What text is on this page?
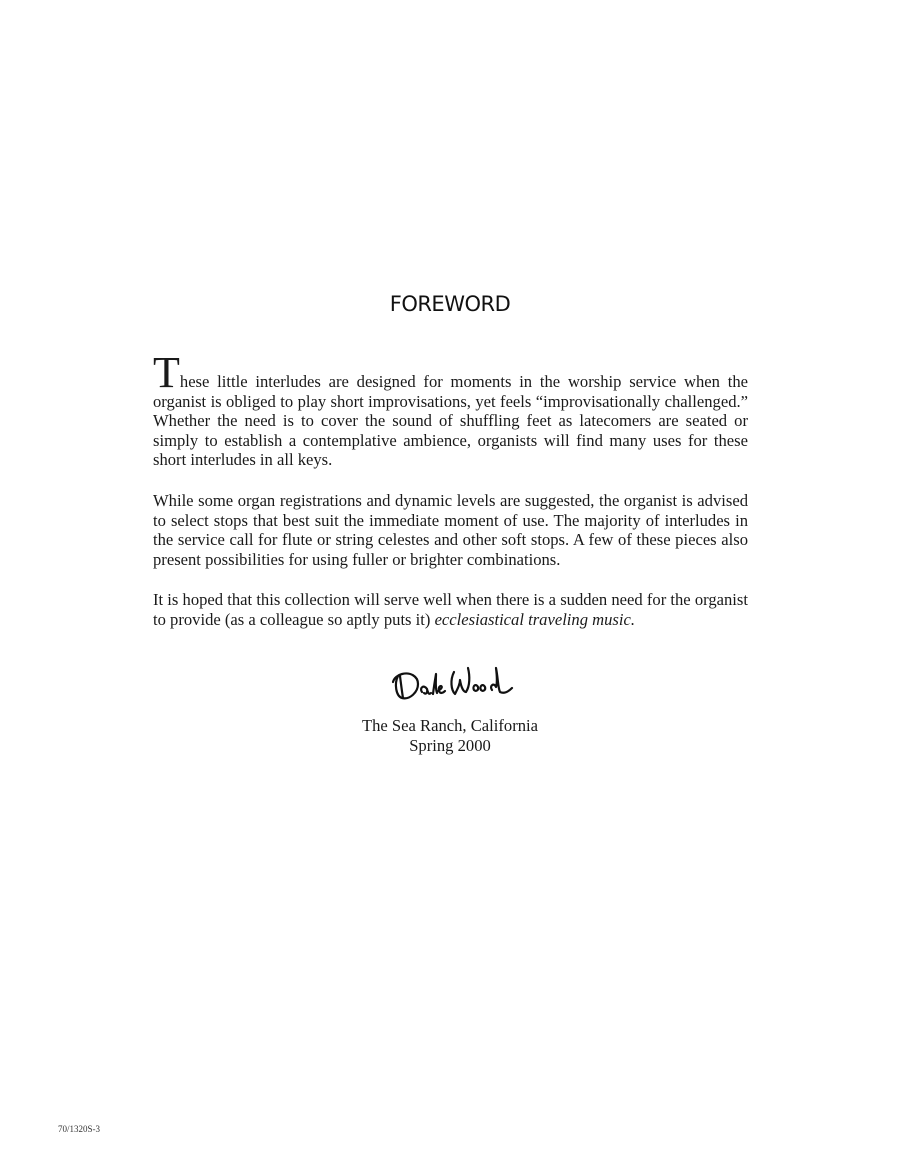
FOREWORD

These little interludes are designed for moments in the worship service when the organist is obliged to play short improvisations, yet feels “improvisationally challenged.” Whether the need is to cover the sound of shuffling feet as latecomers are seated or simply to establish a contemplative ambience, organists will find many uses for these short interludes in all keys.

While some organ registrations and dynamic levels are suggested, the organist is advised to select stops that best suit the immediate moment of use. The majority of interludes in the service call for flute or string celestes and other soft stops. A few of these pieces also present possibilities for using fuller or brighter combinations.

It is hoped that this collection will serve well when there is a sudden need for the organist to provide (as a colleague so aptly puts it) ecclesiastical traveling music.

The Sea Ranch, California
Spring 2000
70/1320S-3
